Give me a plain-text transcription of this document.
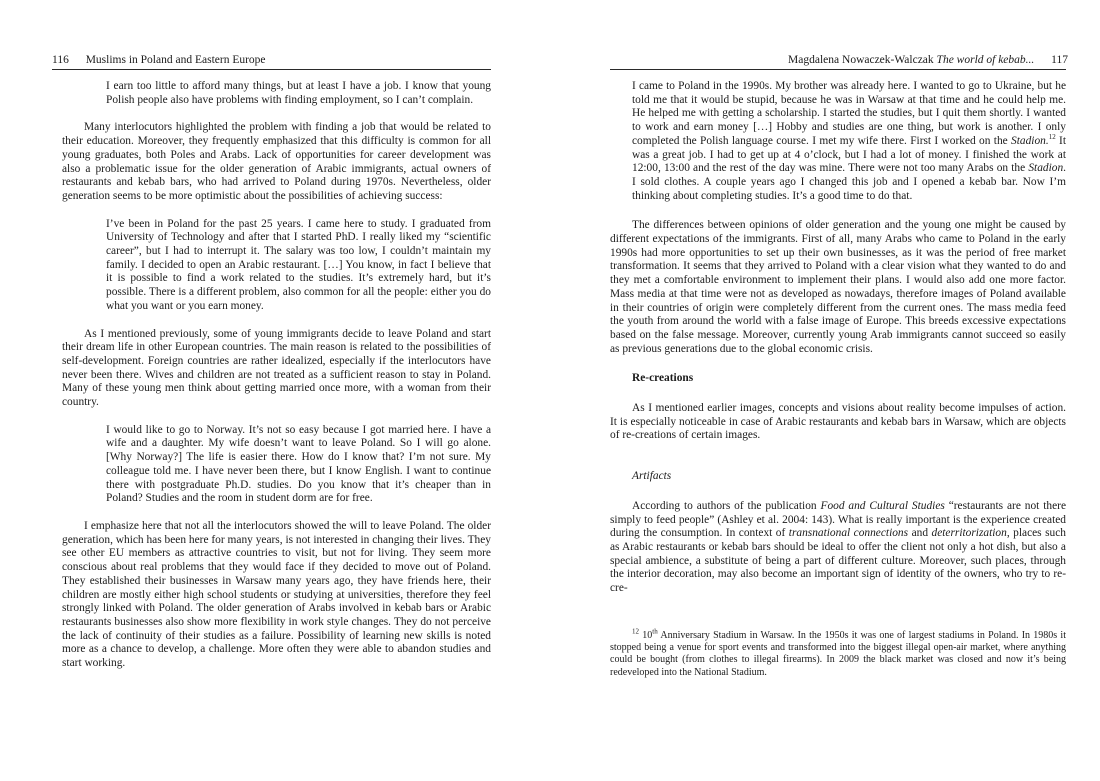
116 Muslims in Poland and Eastern Europe

I earn too little to afford many things, but at least I have a job. I know that young Polish people also have problems with finding employment, so I can’t complain.

Many interlocutors highlighted the problem with finding a job that would be related to their education. Moreover, they frequently emphasized that this difficulty is common for all young graduates, both Poles and Arabs. Lack of opportunities for career development was also a problematic issue for the older generation of Arabic immigrants, actual owners of restaurants and kebab bars, who had arrived to Poland during 1970s. Nevertheless, older generation seems to be more optimistic about the possibilities of achieving success:

I’ve been in Poland for the past 25 years. I came here to study. I graduated from University of Technology and after that I started PhD. I really liked my “scientific career”, but I had to interrupt it. The salary was too low, I couldn’t maintain my family. I decided to open an Arabic restaurant. […] You know, in fact I believe that it is possible to find a work related to the studies. It’s extremely hard, but it’s possible. There is a different problem, also common for all the people: either you do what you want or you earn money.

As I mentioned previously, some of young immigrants decide to leave Poland and start their dream life in other European countries. The main reason is related to the possibilities of self-development. Foreign countries are rather idealized, especially if the interlocutors have never been there. Wives and children are not treated as a sufficient reason to stay in Poland. Many of these young men think about getting married once more, with a woman from their country.

I would like to go to Norway. It’s not so easy because I got married here. I have a wife and a daughter. My wife doesn’t want to leave Poland. So I will go alone. [Why Norway?] The life is easier there. How do I know that? I’m not sure. My colleague told me. I have never been there, but I know English. I want to continue there with postgraduate Ph.D. studies. Do you know that it’s cheaper than in Poland? Studies and the room in student dorm are for free.

I emphasize here that not all the interlocutors showed the will to leave Poland. The older generation, which has been here for many years, is not interested in changing their lives. They see other EU members as attractive countries to visit, but not for living. They seem more conscious about real problems that they would face if they decided to move out of Poland. They established their businesses in Warsaw many years ago, they have friends here, their children are mostly either high school students or studying at universities, therefore they feel strongly linked with Poland. The older generation of Arabs involved in kebab bars or Arabic restaurants businesses also show more flexibility in work style changes. They do not perceive the lack of continuity of their studies as a failure. Possibility of learning new skills is noted more as a chance to develop, a challenge. More often they were able to abandon studies and start working.

Magdalena Nowaczek-Walczak The world of kebab... 117

I came to Poland in the 1990s. My brother was already here. I wanted to go to Ukraine, but he told me that it would be stupid, because he was in Warsaw at that time and he could help me. He helped me with getting a scholarship. I started the studies, but I quit them shortly. I wanted to work and earn money […] Hobby and studies are one thing, but work is another. I only completed the Polish language course. I met my wife there. First I worked on the Stadion.$^{12}$ It was a great job. I had to get up at 4 o’clock, but I had a lot of money. I finished the work at 12:00, 13:00 and the rest of the day was mine. There were not too many Arabs on the Stadion. I sold clothes. A couple years ago I changed this job and I opened a kebab bar. Now I’m thinking about completing studies. It’s a good time to do that.

The differences between opinions of older generation and the young one might be caused by different expectations of the immigrants. First of all, many Arabs who came to Poland in the early 1990s had more opportunities to set up their own businesses, as it was the period of free market transformation. It seems that they arrived to Poland with a clear vision what they wanted to do and they met a comfortable environment to implement their plans. I would also add one more factor. Mass media at that time were not as developed as nowadays, therefore images of Poland available in their countries of origin were completely different from the current ones. The mass media feed the youth from around the world with a false image of Europe. This breeds excessive expectations based on the false message. Moreover, currently young Arab immigrants cannot succeed so easily as previous generations due to the global economic crisis.

Re-creations

As I mentioned earlier images, concepts and visions about reality become impulses of action. It is especially noticeable in case of Arabic restaurants and kebab bars in Warsaw, which are objects of re-creations of certain images.

Artifacts

According to authors of the publication Food and Cultural Studies “restaurants are not there simply to feed people” (Ashley et al. 2004: 143). What is really important is the experience created during the consumption. In context of transnational connections and deterritorization, places such as Arabic restaurants or kebab bars should be ideal to offer the client not only a hot dish, but also a special ambience, a substitute of being a part of different culture. Moreover, such places, through the interior decoration, may also become an important sign of identity of the owners, who try to re-cre-

$^{12}$ 10th Anniversary Stadium in Warsaw. In the 1950s it was one of largest stadiums in Poland. In 1980s it stopped being a venue for sport events and transformed into the biggest illegal open-air market, where anything could be bought (from clothes to illegal firearms). In 2009 the black market was closed and now it’s being redeveloped into the National Stadium.
